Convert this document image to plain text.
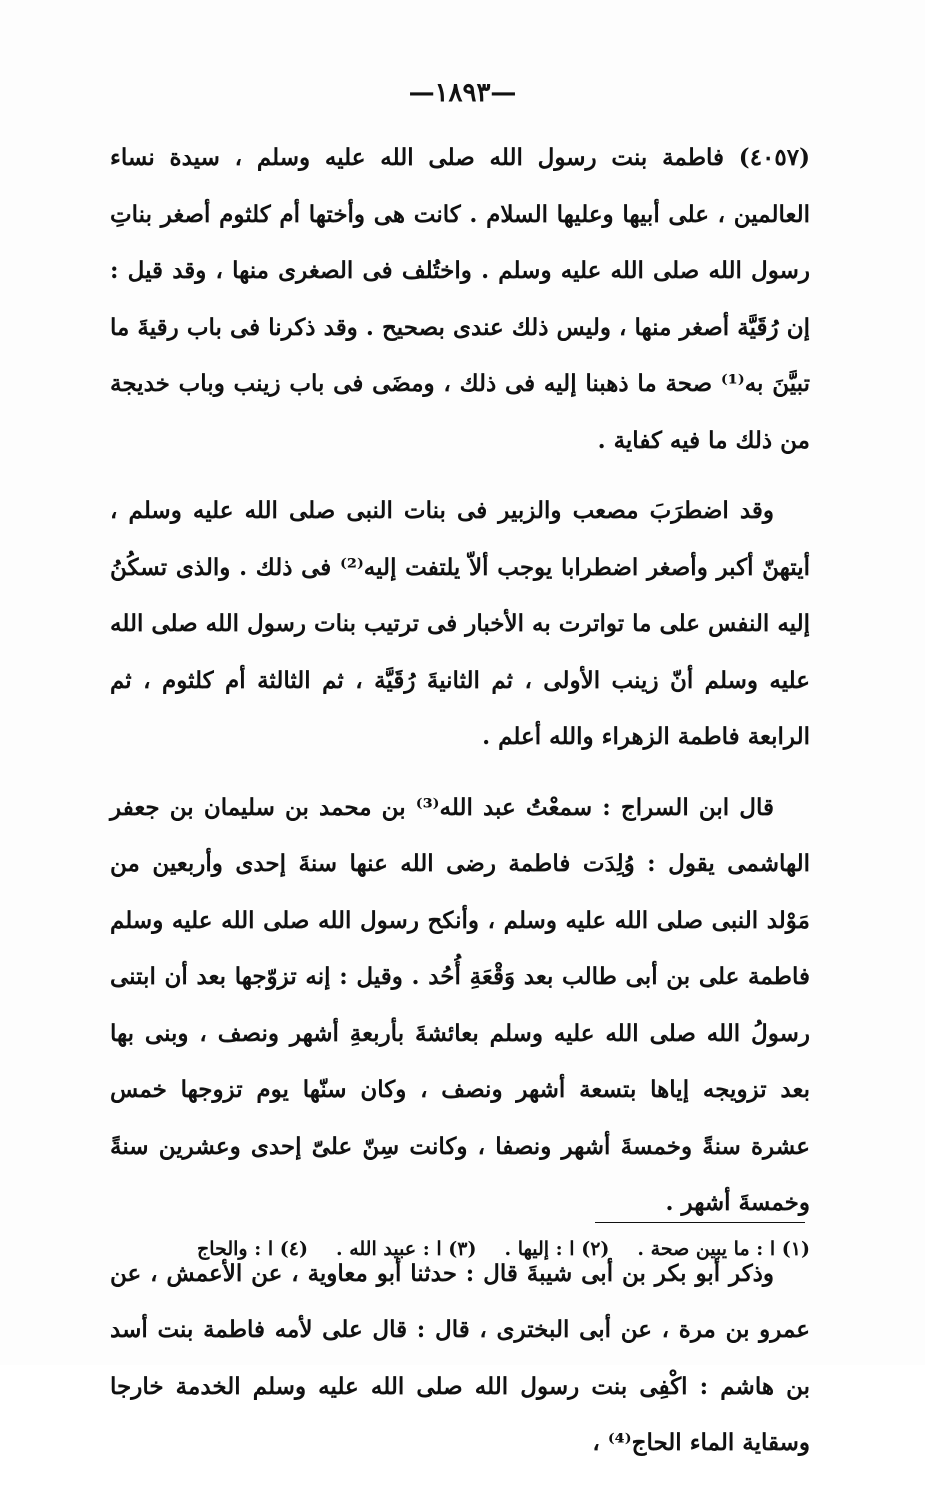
—١٨٩٣—

(٤٠٥٧) فاطمة بنت رسول الله صلى الله عليه وسلم ، سيدة نساء العالمين ، على أبيها وعليها السلام . كانت هى وأختها أم كلثوم أصغر بناتِ رسول الله صلى الله عليه وسلم . واختُلف فى الصغرى منها ، وقد قيل : إن رُقَيَّة أصغر منها ، وليس ذلك عندى بصحيح . وقد ذكرنا فى باب رقيةَ ما تبيَّنَ به⁽¹⁾ صحة ما ذهبنا إليه فى ذلك ، ومضَى فى باب زينب وباب خديجة من ذلك ما فيه كفاية .

وقد اضطرَبَ مصعب والزبير فى بنات النبى صلى الله عليه وسلم ، أيتهنّ أكبر وأصغر اضطرابا يوجب ألاّ يلتفت إليه⁽²⁾ فى ذلك . والذى تسكُنُ إليه النفس على ما تواترت به الأخبار فى ترتيب بنات رسول الله صلى الله عليه وسلم أنّ زينب الأولى ، ثم الثانيةَ رُقَيَّة ، ثم الثالثة أم كلثوم ، ثم الرابعة فاطمة الزهراء والله أعلم .

قال ابن السراج : سمعْتُ عبد الله⁽³⁾ بن محمد بن سليمان بن جعفر الهاشمى يقول : وُلِدَت فاطمة رضى الله عنها سنةَ إحدى وأربعين من مَوْلد النبى صلى الله عليه وسلم ، وأنكح رسول الله صلى الله عليه وسلم فاطمة على بن أبى طالب بعد وَقْعَةِ أُحُد . وقيل : إنه تزوّجها بعد أن ابتنى رسولُ الله صلى الله عليه وسلم بعائشةَ بأربعةِ أشهر ونصف ، وبنى بها بعد تزويجه إياها بتسعة أشهر ونصف ، وكان سنّها يوم تزوجها خمس عشرة سنةً وخمسةَ أشهر ونصفا ، وكانت سِنّ علىّ إحدى وعشرين سنةً وخمسةَ أشهر .

وذكر أبو بكر بن أبى شيبةَ قال : حدثنا أبو معاوية ، عن الأعمش ، عن عمرو بن مرة ، عن أبى البخترى ، قال : قال على لأمه فاطمة بنت أسد بن هاشم : اكْفِى بنت رسول الله صلى الله عليه وسلم الخدمة خارجا وسقاية الماء الحاج⁽⁴⁾ ،

(١) ا : ما يبين صحة .
(٢) ا : إليها .
(٣) ا : عبيد الله .
(٤) ا : والحاج
